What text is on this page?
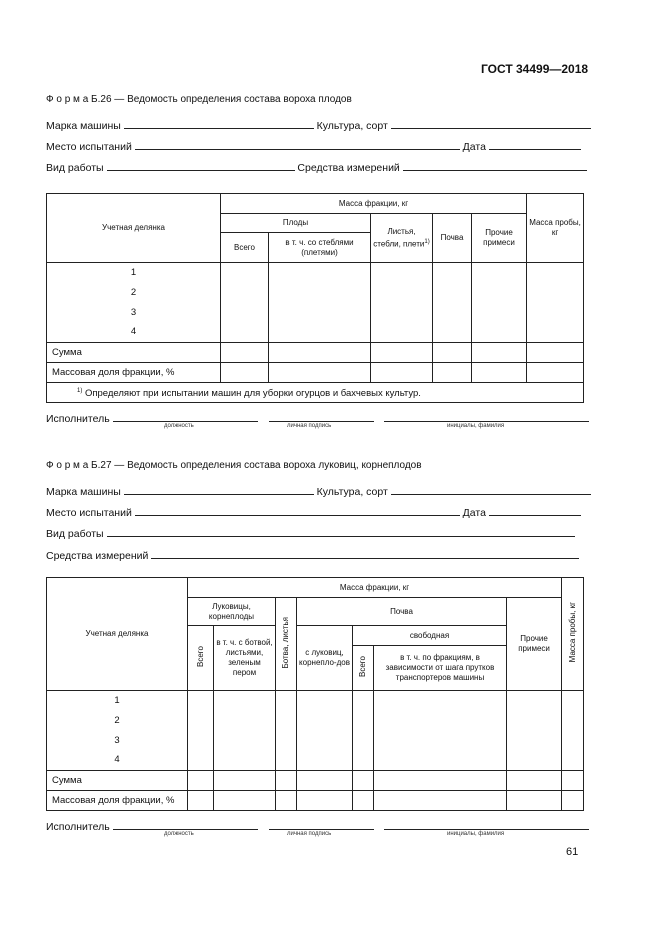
ГОСТ 34499—2018
Ф о р м а Б.26 — Ведомость определения состава вороха плодов
Марка машины	Культура, сорт
Место испытаний	Дата
Вид работы	Средства измерений
Учетная делянка	Масса фракции, кг					Масса пробы, кг
	Плоды		Листья, стебли, плети$^{1)}$	Почва	Прочие примеси	
	Всего	в т. ч. со стеблями (плетями)				
1						
2						
3						
4						
Сумма						
Массовая доля фракции, %						
$^{1)}$ Определяют при испытании машин для уборки огурцов и бахчевых культур.						
Исполнитель
должность	личная подпись	инициалы, фамилия
Ф о р м а Б.27 — Ведомость определения состава вороха луковиц, корнеплодов
Марка машины	Культура, сорт
Место испытаний	Дата
Вид работы
Средства измерений
Учетная делянка	Масса фракции, кг							Масса пробы, кг
	Луковицы, корнеплоды		Ботва, листья	Почва			Прочие примеси	
	Всего	в т. ч. с ботвой, листьями, зеленым пером		с луковиц, корнепло-дов	свободная			
					Всего	в т. ч. по фракциям, в зависимости от шага прутков транспортеров машины		
1								
2								
3								
4								
Сумма								
Массовая доля фракции, %								
Исполнитель
должность	личная подпись	инициалы, фамилия
61
